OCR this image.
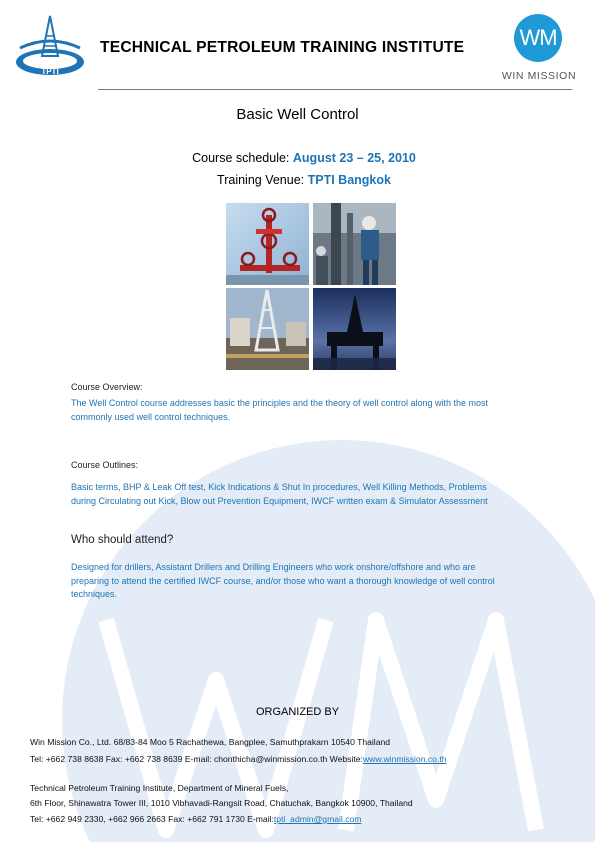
TPTI
TECHNICAL PETROLEUM TRAINING INSTITUTE	WM
WIN MISSION
Basic Well Control
Course schedule: August 23 – 25, 2010
Training Venue: TPTI Bangkok
Course Overview:
The Well Control course addresses basic the principles and the theory of well control along with the most
commonly used well control techniques.
Course Outlines:
Basic terms, BHP & Leak Off test, Kick Indications & Shut In procedures, Well Killing Methods, Problems
during Circulating out Kick, Blow out Prevention Equipment, IWCF written exam & Simulator Assessment
Who should attend?
Designed for drillers, Assistant Drillers and Drilling Engineers who work onshore/offshore and who are
preparing to attend the certified IWCF course, and/or those who want a thorough knowledge of well control
techniques.
ORGANIZED BY
Win Mission Co., Ltd. 68/83-84 Moo 5 Rachathewa, Bangplee, Samuthprakarn 10540 Thailand
Tel: +662 738 8638 Fax: +662 738 8639 E-mail: chonthicha@winmission.co.th Website:www.winmission.co.th
Technical Petroleum Training Institute, Department of Mineral Fuels,
6th Floor, Shinawatra Tower III, 1010 Vibhavadi-Rangsit Road, Chatuchak, Bangkok 10900, Thailand
Tel: +662 949 2330, +662 966 2663 Fax: +662 791 1730 E-mail:tpti_admin@gmail.com
